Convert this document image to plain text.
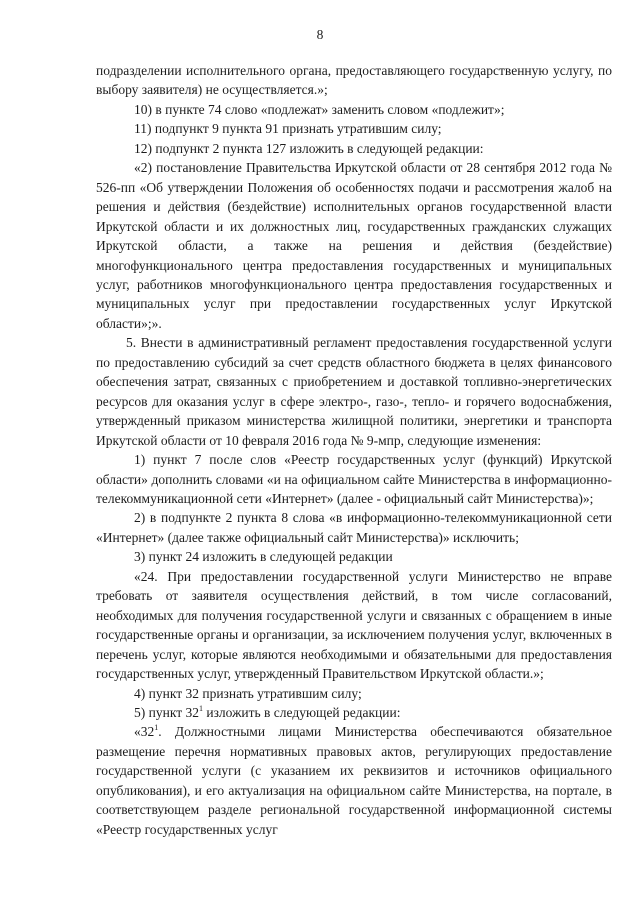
8

подразделении исполнительного органа, предоставляющего государственную услугу, по выбору заявителя) не осуществляется.»;

10) в пункте 74 слово «подлежат» заменить словом «подлежит»;

11) подпункт 9 пункта 91 признать утратившим силу;

12) подпункт 2 пункта 127 изложить в следующей редакции:

«2) постановление Правительства Иркутской области от 28 сентября 2012 года № 526-пп «Об утверждении Положения об особенностях подачи и рассмотрения жалоб на решения и действия (бездействие) исполнительных органов государственной власти Иркутской области и их должностных лиц, государственных гражданских служащих Иркутской области, а также на решения и действия (бездействие) многофункционального центра предоставления государственных и муниципальных услуг, работников многофункционального центра предоставления государственных и муниципальных услуг при предоставлении государственных услуг Иркутской области»;».

5. Внести в административный регламент предоставления государственной услуги по предоставлению субсидий за счет средств областного бюджета в целях финансового обеспечения затрат, связанных с приобретением и доставкой топливно-энергетических ресурсов для оказания услуг в сфере электро-, газо-, тепло- и горячего водоснабжения, утвержденный приказом министерства жилищной политики, энергетики и транспорта Иркутской области от 10 февраля 2016 года № 9-мпр, следующие изменения:

1) пункт 7 после слов «Реестр государственных услуг (функций) Иркутской области» дополнить словами «и на официальном сайте Министерства в информационно-телекоммуникационной сети «Интернет» (далее - официальный сайт Министерства)»;

2) в подпункте 2 пункта 8 слова «в информационно-телекоммуникационной сети «Интернет» (далее также официальный сайт Министерства)» исключить;

3) пункт 24 изложить в следующей редакции

«24. При предоставлении государственной услуги Министерство не вправе требовать от заявителя осуществления действий, в том числе согласований, необходимых для получения государственной услуги и связанных с обращением в иные государственные органы и организации, за исключением получения услуг, включенных в перечень услуг, которые являются необходимыми и обязательными для предоставления государственных услуг, утвержденный Правительством Иркутской области.»;

4) пункт 32 признать утратившим силу;

5) пункт $32^1$ изложить в следующей редакции:

«$32^1$. Должностными лицами Министерства обеспечиваются обязательное размещение перечня нормативных правовых актов, регулирующих предоставление государственной услуги (с указанием их реквизитов и источников официального опубликования), и его актуализация на официальном сайте Министерства, на портале, в соответствующем разделе региональной государственной информационной системы «Реестр государственных услуг
